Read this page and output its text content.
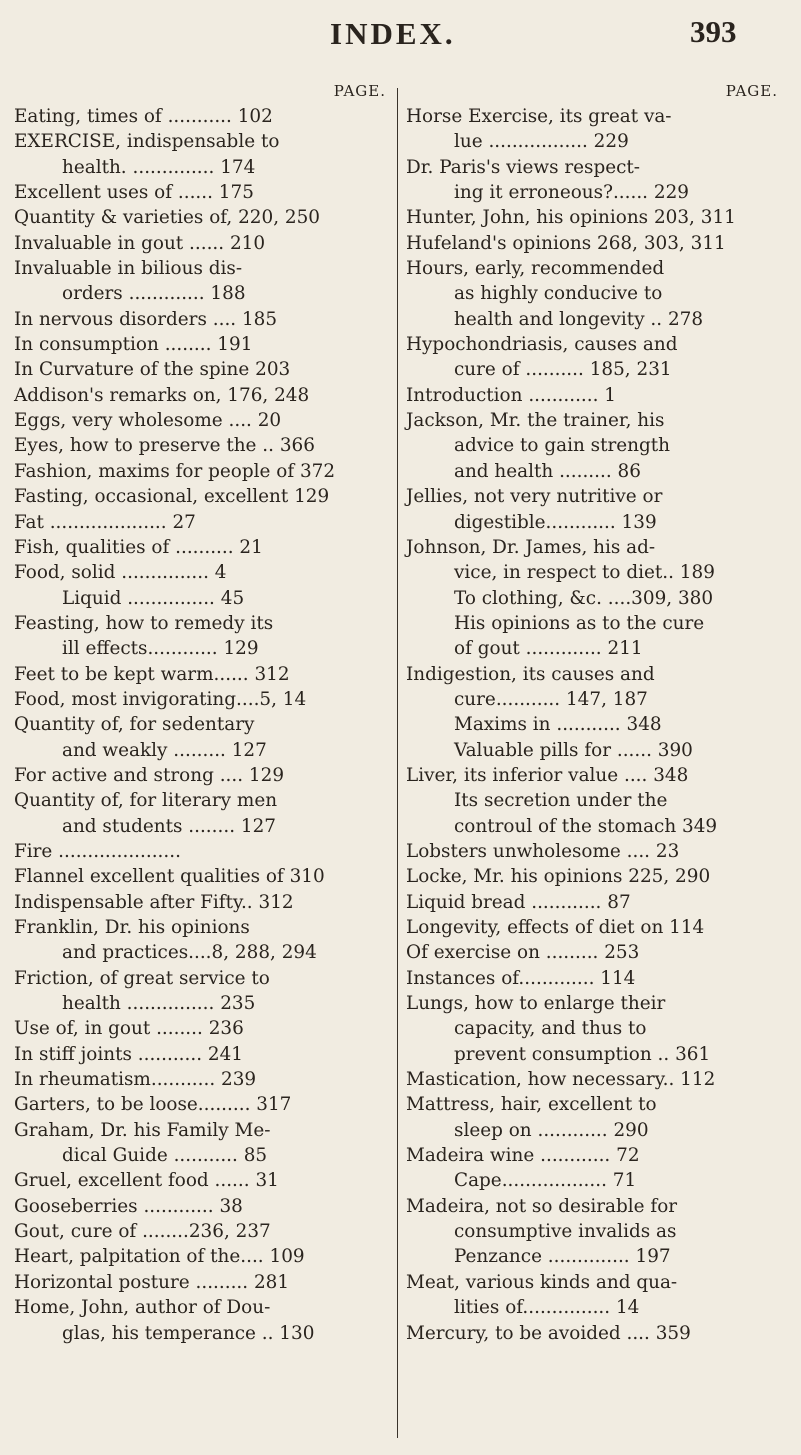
INDEX.	393
PAGE.
Eating, times of ........... 102
EXERCISE, indispensable to
health. .............. 174
Excellent uses of ...... 175
Quantity & varieties of, 220, 250
Invaluable in gout ...... 210
Invaluable in bilious dis-
orders ............. 188
In nervous disorders .... 185
In consumption ........ 191
In Curvature of the spine 203
Addison's remarks on, 176, 248
Eggs, very wholesome .... 20
Eyes, how to preserve the .. 366
Fashion, maxims for people of 372
Fasting, occasional, excellent 129
Fat .................... 27
Fish, qualities of .......... 21
Food, solid ............... 4
Liquid ............... 45
Feasting, how to remedy its
ill effects............ 129
Feet to be kept warm...... 312
Food, most invigorating....5, 14
Quantity of, for sedentary
and weakly ......... 127
For active and strong .... 129
Quantity of, for literary men
and students ........ 127
Fire .....................
Flannel excellent qualities of 310
Indispensable after Fifty.. 312
Franklin, Dr. his opinions
and practices....8, 288, 294
Friction, of great service to
health ............... 235
Use of, in gout ........ 236
In stiff joints ........... 241
In rheumatism........... 239
Garters, to be loose......... 317
Graham, Dr. his Family Me-
dical Guide ........... 85
Gruel, excellent food ...... 31
Gooseberries ............ 38
Gout, cure of ........236, 237
Heart, palpitation of the.... 109
Horizontal posture ......... 281
Home, John, author of Dou-
glas, his temperance .. 130
PAGE.
Horse Exercise, its great va-
lue ................. 229
Dr. Paris's views respect-
ing it erroneous?...... 229
Hunter, John, his opinions 203, 311
Hufeland's opinions 268, 303, 311
Hours, early, recommended
as highly conducive to
health and longevity .. 278
Hypochondriasis, causes and
cure of .......... 185, 231
Introduction ............ 1
Jackson, Mr. the trainer, his
advice to gain strength
and health ......... 86
Jellies, not very nutritive or
digestible............ 139
Johnson, Dr. James, his ad-
vice, in respect to diet.. 189
To clothing, &c. ....309, 380
His opinions as to the cure
of gout ............. 211
Indigestion, its causes and
cure........... 147, 187
Maxims in ........... 348
Valuable pills for ...... 390
Liver, its inferior value .... 348
Its secretion under the
controul of the stomach 349
Lobsters unwholesome .... 23
Locke, Mr. his opinions 225, 290
Liquid bread ............ 87
Longevity, effects of diet on 114
Of exercise on ......... 253
Instances of............. 114
Lungs, how to enlarge their
capacity, and thus to
prevent consumption .. 361
Mastication, how necessary.. 112
Mattress, hair, excellent to
sleep on ............ 290
Madeira wine ............ 72
Cape.................. 71
Madeira, not so desirable for
consumptive invalids as
Penzance .............. 197
Meat, various kinds and qua-
lities of............... 14
Mercury, to be avoided .... 359
